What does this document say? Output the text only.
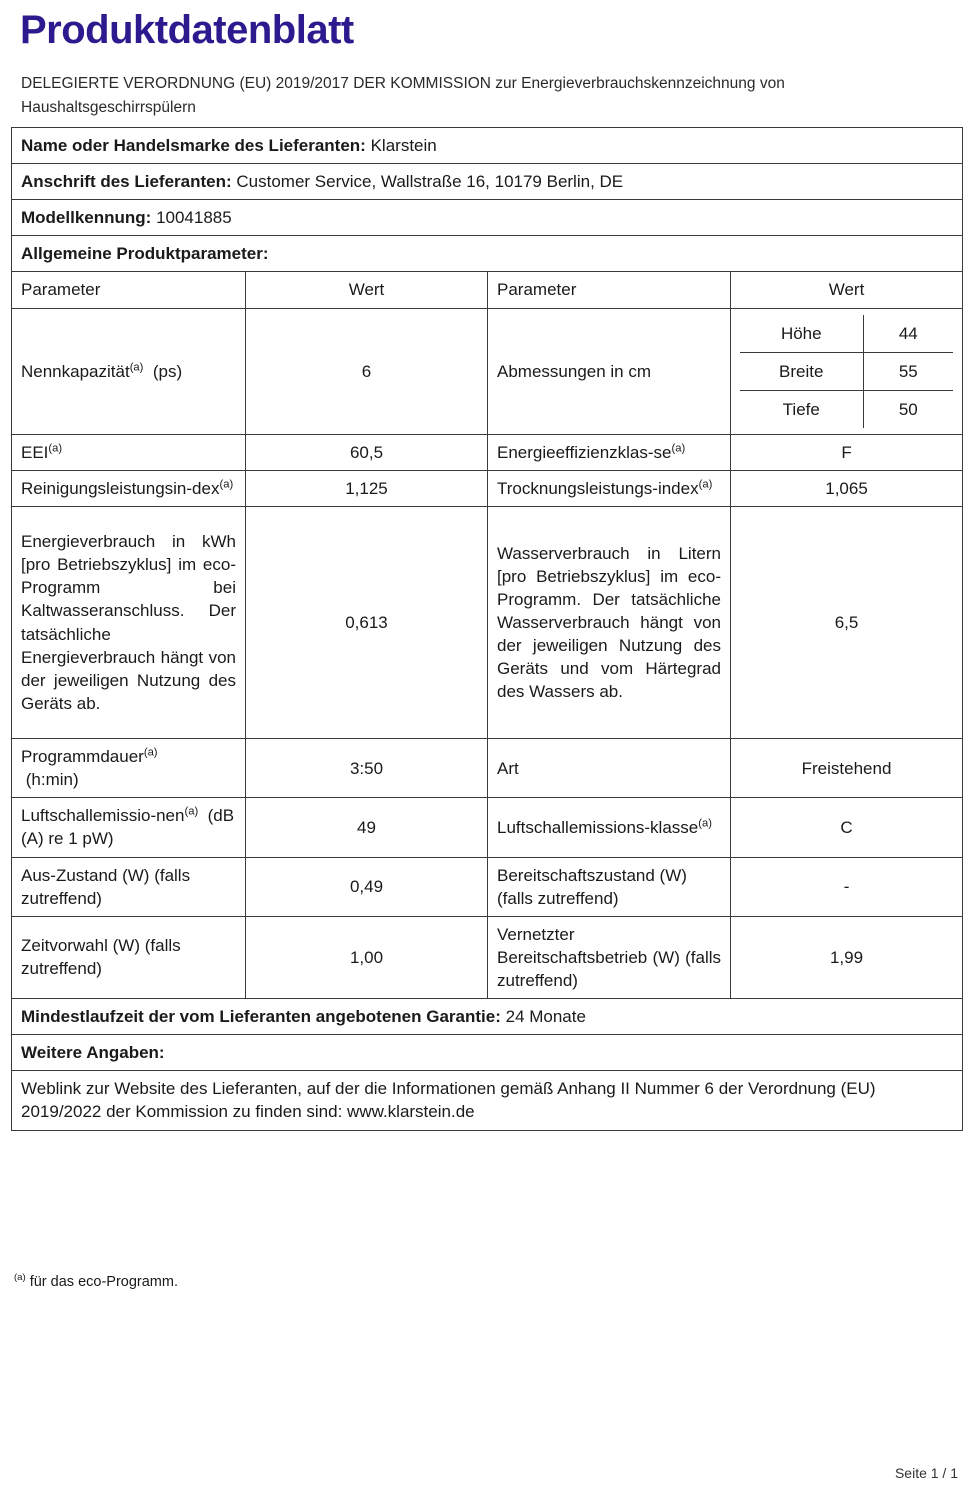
Produktdatenblatt
DELEGIERTE VERORDNUNG (EU) 2019/2017 DER KOMMISSION zur Energieverbrauchskennzeichnung von Haushaltsgeschirrspülern
Name oder Handelsmarke des Lieferanten: Klarstein
Anschrift des Lieferanten: Customer Service, Wallstraße 16, 10179 Berlin, DE
Modellkennung: 10041885
Allgemeine Produktparameter:
Parameter	Wert	Parameter	Wert
Nennkapazität$^{(a)}$ (ps)	6	Abmessungen in cm	
Höhe	44
Breite	55
Tiefe	50

EEI$^{(a)}$	60,5	Energieeffizienzklas-$se^{(a)}$	F
Reinigungsleistungsin-dex$^{(a)}$	1,125	Trocknungsleistungs-index$^{(a)}$	1,065
Energieverbrauch in kWh [pro Betriebszyklus] im eco-Programm bei Kaltwasseranschluss. Der tatsächliche Energieverbrauch hängt von der jeweiligen Nutzung des Geräts ab.	0,613	Wasserverbrauch in Litern [pro Betriebszyklus] im eco-Programm. Der tatsächliche Wasserverbrauch hängt von der jeweiligen Nutzung des Geräts und vom Härtegrad des Wassers ab.	6,5
Programmdauer$^{(a)}$
(h:min)	3:50	Art	Freistehend
Luftschallemissio-nen$^{(a)}$ (dB (A) re 1 pW)	49	Luftschallemissions-klasse$^{(a)}$	C
Aus-Zustand (W) (falls zutreffend)	0,49	Bereitschaftszustand (W) (falls zutreffend)	-
Zeitvorwahl (W) (falls zutreffend)	1,00	Vernetzter Bereitschaftsbetrieb (W) (falls zutreffend)	1,99
Mindestlaufzeit der vom Lieferanten angebotenen Garantie: 24 Monate
Weitere Angaben:
Weblink zur Website des Lieferanten, auf der die Informationen gemäß Anhang II Nummer 6 der Verordnung (EU) 2019/2022 der Kommission zu finden sind: www.klarstein.de
$^{(a)}$ für das eco-Programm.
Seite 1 / 1
